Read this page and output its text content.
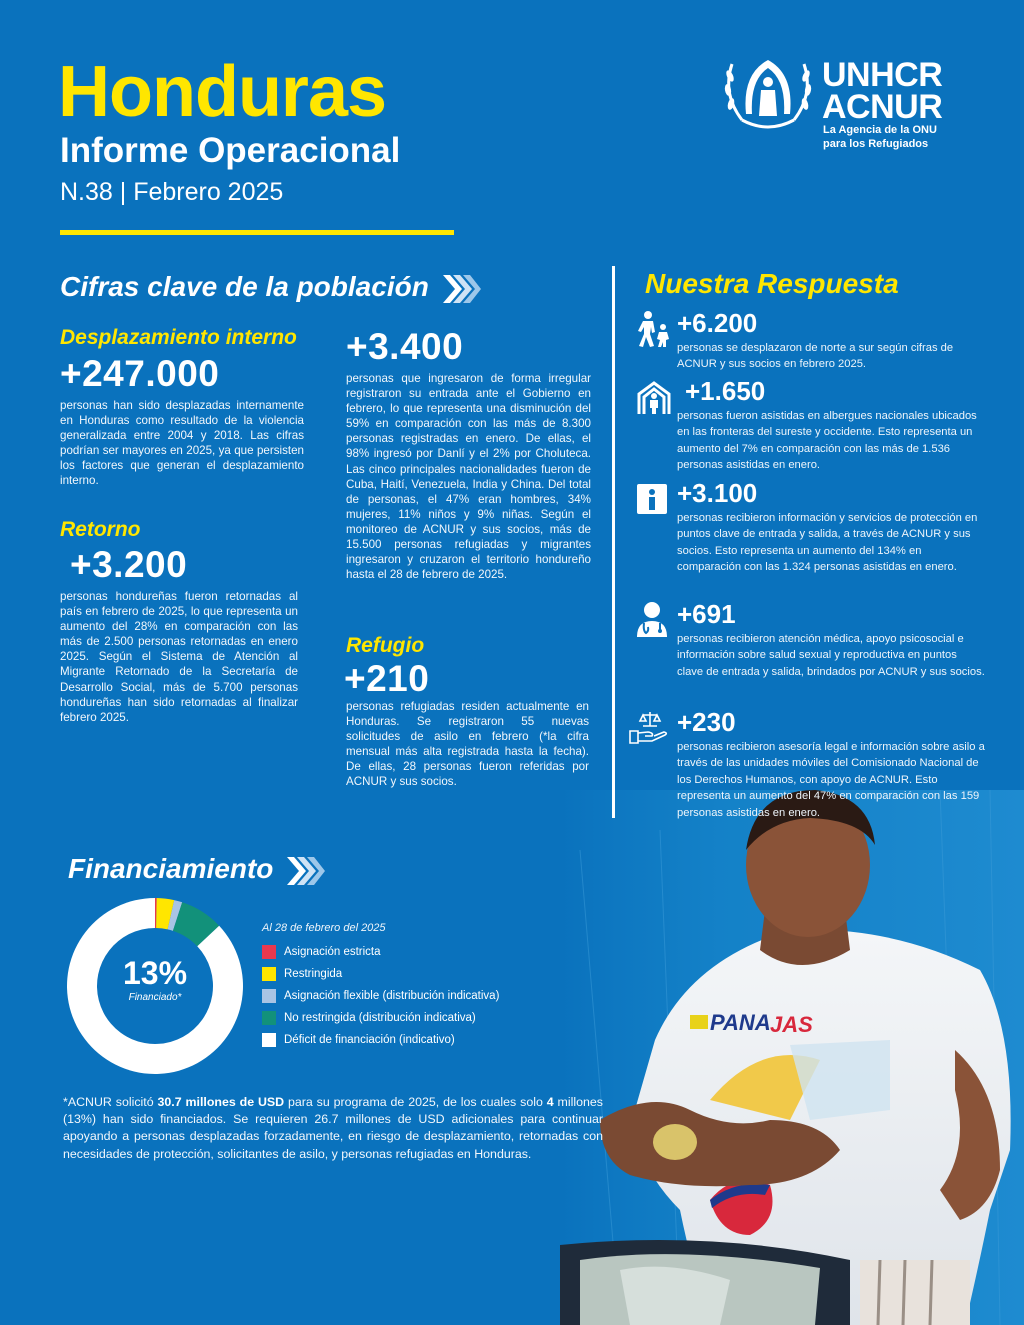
PANA JAS
Honduras
Informe Operacional
N.38 | Febrero 2025
UNHCR
ACNUR
La Agencia de la ONU
para los Refugiados
Cifras clave de la población
Desplazamiento interno
+247.000
personas han sido desplazadas internamente en Honduras como resultado de la violencia generalizada entre 2004 y 2018. Las cifras podrían ser mayores en 2025, ya que persisten los factores que generan el desplazamiento interno.
Retorno
+3.200
personas hondureñas fueron retornadas al país en febrero de 2025, lo que representa un aumento del 28% en comparación con las más de 2.500 personas retornadas en enero 2025. Según el Sistema de Atención al Migrante Retornado de la Secretaría de Desarrollo Social, más de 5.700 personas hondureñas han sido retornadas al finalizar febrero 2025.
+3.400
personas que ingresaron de forma irregular registraron su entrada ante el Gobierno en febrero, lo que representa una disminución del 59% en comparación con las más de 8.300 personas registradas en enero. De ellas, el 98% ingresó por Danlí y el 2% por Choluteca. Las cinco principales nacionalidades fueron de Cuba, Haití, Venezuela, India y China. Del total de personas, el 47% eran hombres, 34% mujeres, 11% niños y 9% niñas. Según el monitoreo de ACNUR y sus socios, más de 15.500 personas refugiadas y migrantes ingresaron y cruzaron el territorio hondureño hasta el 28 de febrero de 2025.
Refugio
+210
personas refugiadas residen actualmente en Honduras. Se registraron 55 nuevas solicitudes de asilo en febrero (*la cifra mensual más alta registrada hasta la fecha). De ellas, 28 personas fueron referidas por ACNUR y sus socios.
Nuestra Respuesta
+6.200
personas se desplazaron de norte a sur según cifras de ACNUR y sus socios en febrero 2025.
+1.650
personas fueron asistidas en albergues nacionales ubicados en las fronteras del sureste y occidente. Esto representa un aumento del 7% en comparación con las más de 1.536 personas asistidas en enero.
+3.100
personas recibieron información y servicios de protección en puntos clave de entrada y salida, a través de ACNUR y sus socios. Esto representa un aumento del 134% en comparación con las 1.324 personas asistidas en enero.
+691
personas recibieron atención médica, apoyo psicosocial e información sobre salud sexual y reproductiva en puntos clave de entrada y salida, brindados por ACNUR y sus socios.
+230
personas recibieron asesoría legal e información sobre asilo a través de las unidades móviles del Comisionado Nacional de los Derechos Humanos, con apoyo de ACNUR. Esto representa un aumento del 47% en comparación con las 159 personas asistidas en enero.
Financiamiento
13%
Financiado*
Al 28 de febrero del 2025
Asignación estricta
Restringida
Asignación flexible (distribución indicativa)
No restringida (distribución indicativa)
Déficit de financiación (indicativo)
*ACNUR solicitó 30.7 millones de USD para su programa de 2025, de los cuales solo 4 millones (13%) han sido financiados. Se requieren 26.7 millones de USD adicionales para continuar apoyando a personas desplazadas forzadamente, en riesgo de desplazamiento, retornadas con necesidades de protección, solicitantes de asilo, y personas refugiadas en Honduras.
